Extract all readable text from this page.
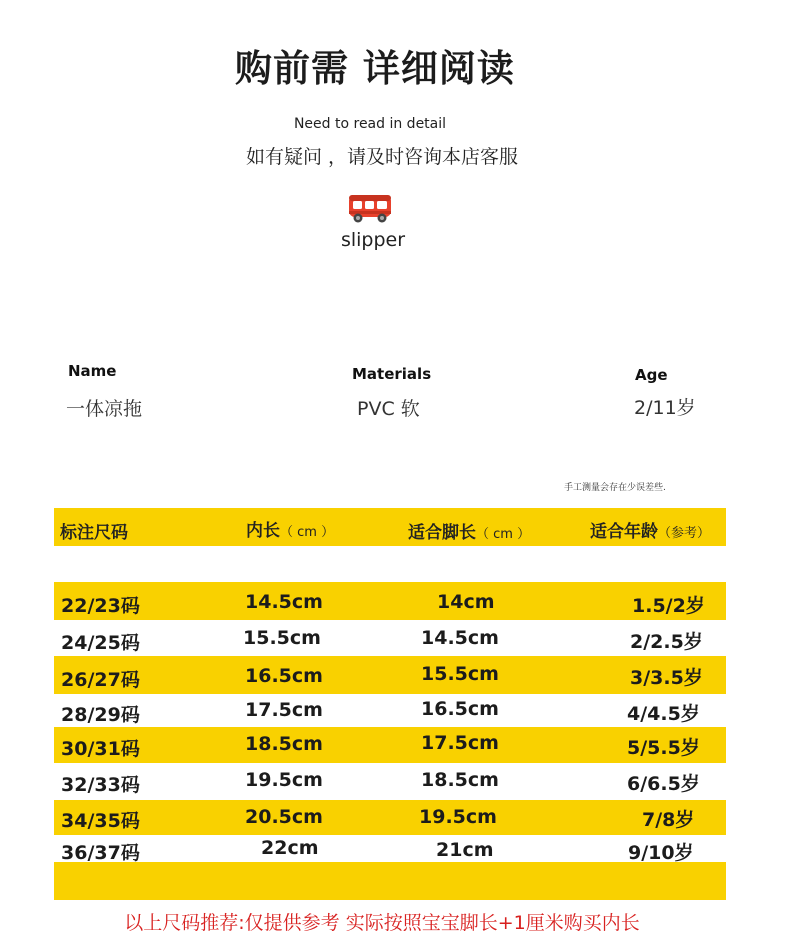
购前需 详细阅读
Need to read in detail
如有疑问 ，请及时咨询本店客服
slipper
Name
一体凉拖
Materials
PVC 软
Age
2/11岁
手工测量会存在少误差些.
标注尺码	内长（ cm ）	适合脚长（ cm ）	适合年龄（参考）
22/23码	14.5cm	14cm	1.5/2岁
24/25码	15.5cm	14.5cm	2/2.5岁
26/27码	16.5cm	15.5cm	3/3.5岁
28/29码	17.5cm	16.5cm	4/4.5岁
30/31码	18.5cm	17.5cm	5/5.5岁
32/33码	19.5cm	18.5cm	6/6.5岁
34/35码	20.5cm	19.5cm	7/8岁
36/37码	22cm	21cm	9/10岁
以上尺码推荐:仅提供参考 实际按照宝宝脚长+1厘米购买内长
